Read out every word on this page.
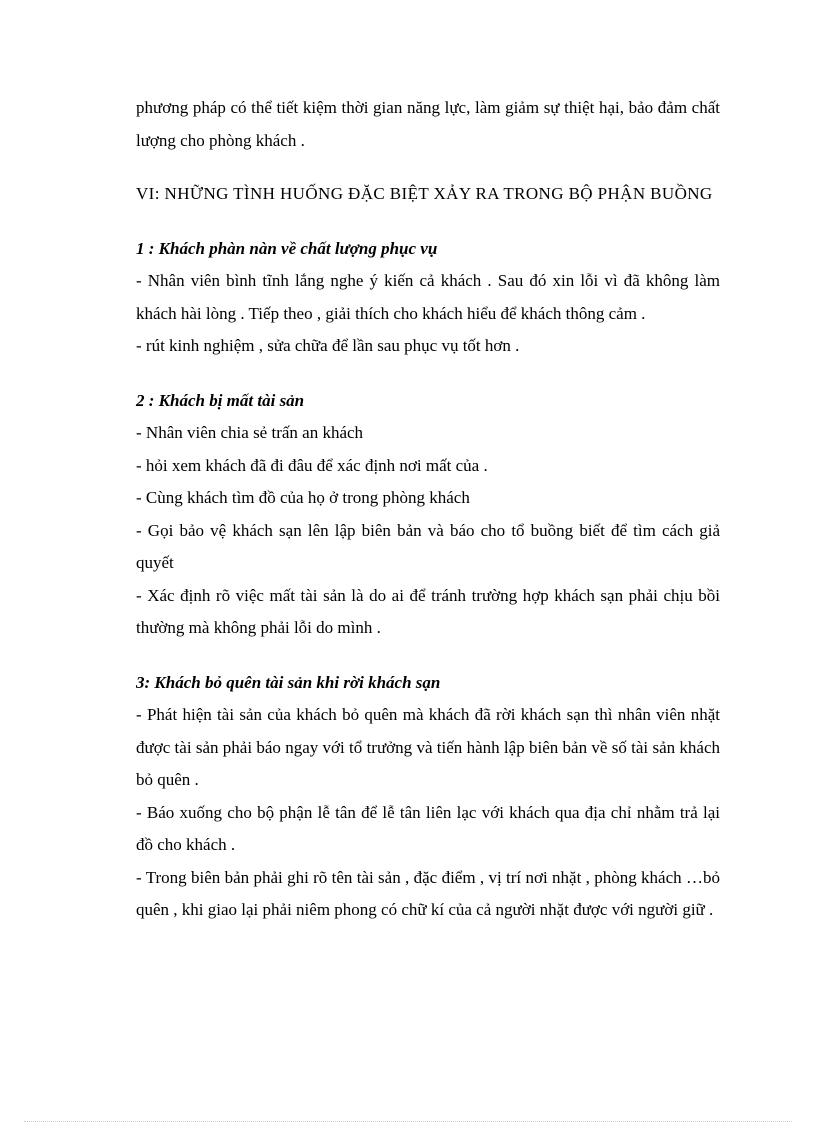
phương pháp có thể tiết kiệm thời gian năng lực, làm giảm sự thiệt hại, bảo đảm chất lượng cho phòng khách .

VI: NHỮNG TÌNH HUỐNG ĐẶC BIỆT XẢY RA TRONG BỘ PHẬN BUỒNG

1 : Khách phàn nàn về chất lượng phục vụ

- Nhân viên bình tĩnh lắng nghe ý kiến cả khách . Sau đó xin lỗi vì đã không làm khách hài lòng . Tiếp theo , giải thích cho khách hiểu để khách thông cảm .

- rút kinh nghiệm , sửa chữa để lần sau phục vụ tốt hơn .

2 : Khách bị mất tài sản

- Nhân viên chia sẻ trấn an khách

- hỏi xem khách đã đi đâu để xác định nơi mất của .

- Cùng khách tìm đồ của họ ở trong phòng khách

- Gọi bảo vệ khách sạn lên lập biên bản và báo cho tổ buồng biết để tìm cách giả quyết

- Xác định rõ việc mất tài sản là do ai để tránh trường hợp khách sạn phải chịu bồi thường mà không phải lỗi do mình .

3: Khách bỏ quên tài sản khi rời khách sạn

- Phát hiện tài sản của khách bỏ quên mà khách đã rời khách sạn thì nhân viên nhặt được tài sản phải báo ngay với tổ trưởng và tiến hành lập biên bản về số tài sản khách bỏ quên .

- Báo xuống cho bộ phận lễ tân để lễ tân liên lạc với khách qua địa chỉ nhằm trả lại đồ cho khách .

- Trong biên bản phải ghi rõ tên tài sản , đặc điểm , vị trí nơi nhặt , phòng khách …bỏ quên , khi giao lại phải niêm phong có chữ kí của cả người nhặt được với người giữ .
